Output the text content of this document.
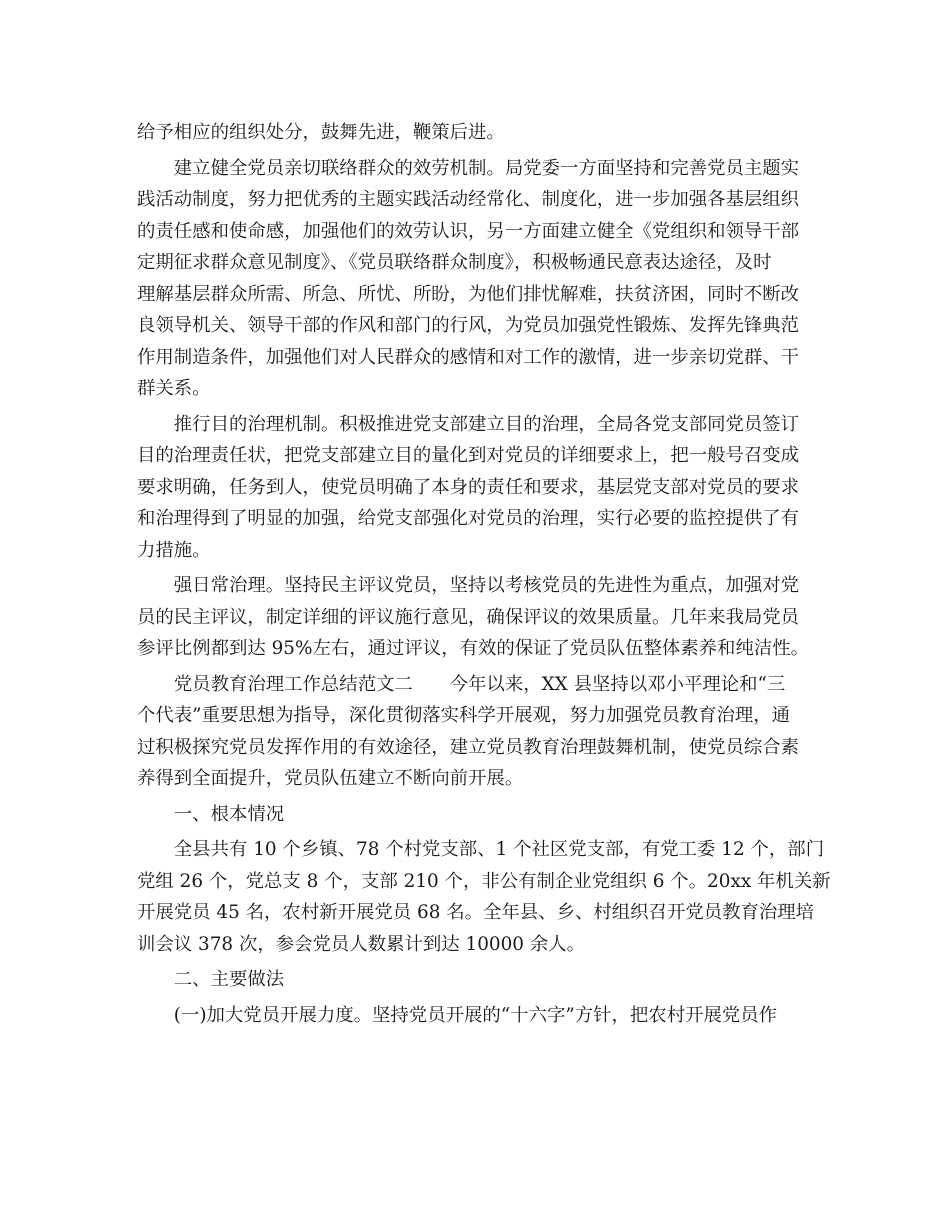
给予相应的组织处分，鼓舞先进，鞭策后进。
　　建立健全党员亲切联络群众的效劳机制。局党委一方面坚持和完善党员主题实
践活动制度，努力把优秀的主题实践活动经常化、制度化，进一步加强各基层组织
的责任感和使命感，加强他们的效劳认识，另一方面建立健全《党组织和领导干部
定期征求群众意见制度》、《党员联络群众制度》，积极畅通民意表达途径，及时
理解基层群众所需、所急、所忧、所盼，为他们排忧解难，扶贫济困，同时不断改
良领导机关、领导干部的作风和部门的行风，为党员加强党性锻炼、发挥先锋典范
作用制造条件，加强他们对人民群众的感情和对工作的激情，进一步亲切党群、干
群关系。
　　推行目的治理机制。积极推进党支部建立目的治理，全局各党支部同党员签订
目的治理责任状，把党支部建立目的量化到对党员的详细要求上，把一般号召变成
要求明确，任务到人，使党员明确了本身的责任和要求，基层党支部对党员的要求
和治理得到了明显的加强，给党支部强化对党员的治理，实行必要的监控提供了有
力措施。
　　强日常治理。坚持民主评议党员，坚持以考核党员的先进性为重点，加强对党
员的民主评议，制定详细的评议施行意见，确保评议的效果质量。几年来我局党员
参评比例都到达 95%左右，通过评议，有效的保证了党员队伍整体素养和纯洁性。
　　党员教育治理工作总结范文二　　今年以来，XX 县坚持以邓小平理论和“三
个代表”重要思想为指导，深化贯彻落实科学开展观，努力加强党员教育治理，通
过积极探究党员发挥作用的有效途径，建立党员教育治理鼓舞机制，使党员综合素
养得到全面提升，党员队伍建立不断向前开展。
　　一、根本情况
　　全县共有 10 个乡镇、78 个村党支部、1 个社区党支部，有党工委 12 个，部门
党组 26 个，党总支 8 个，支部 210 个，非公有制企业党组织 6 个。20xx 年机关新
开展党员 45 名，农村新开展党员 68 名。全年县、乡、村组织召开党员教育治理培
训会议 378 次，参会党员人数累计到达 10000 余人。
　　二、主要做法
　　(一)加大党员开展力度。坚持党员开展的“十六字”方针，把农村开展党员作
